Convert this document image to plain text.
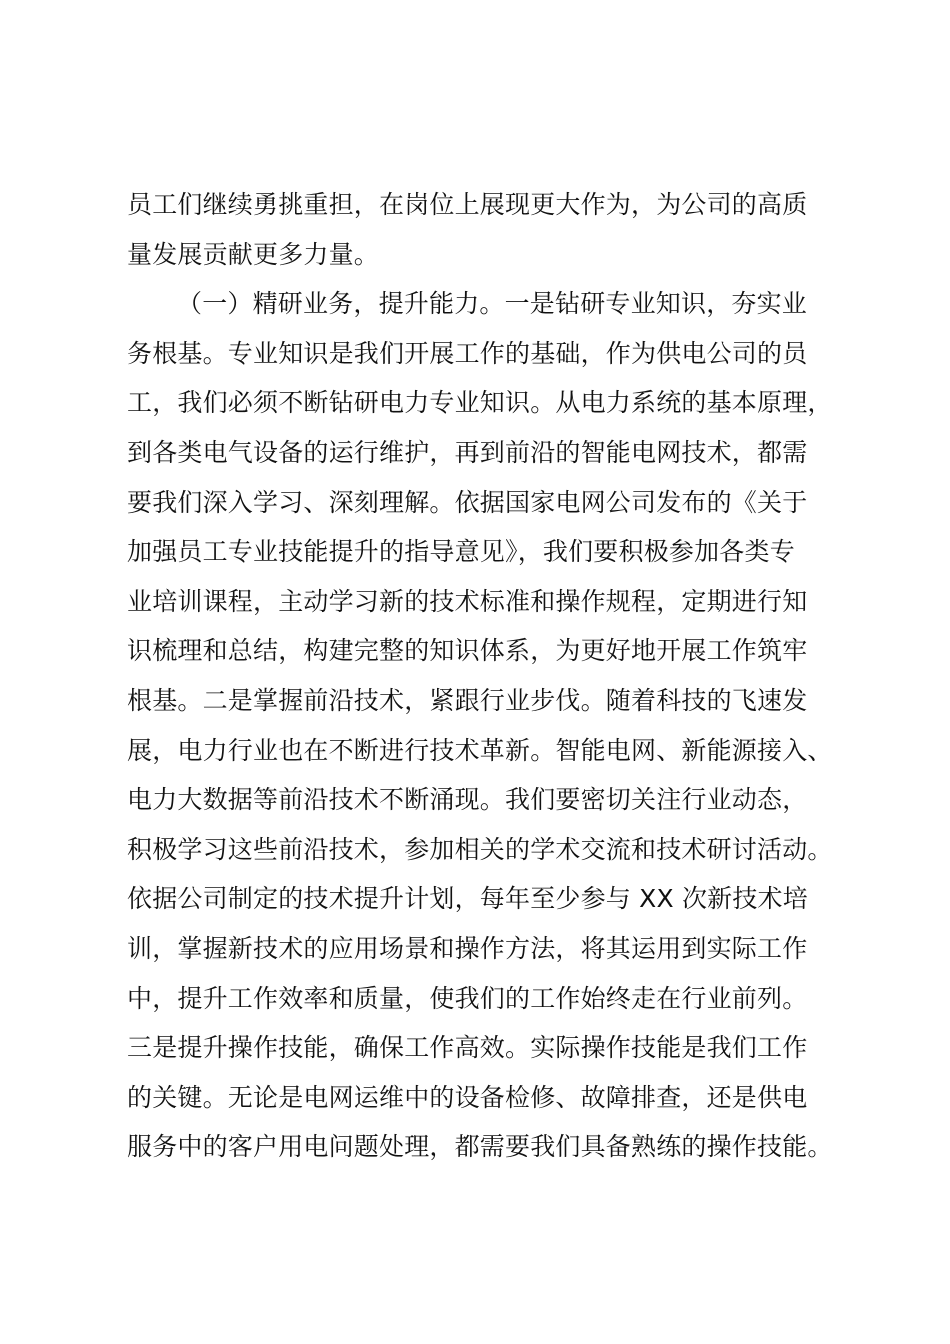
员工们继续勇挑重担，在岗位上展现更大作为，为公司的高质
量发展贡献更多力量。
（一）精研业务，提升能力。一是钻研专业知识，夯实业
务根基。专业知识是我们开展工作的基础，作为供电公司的员
工，我们必须不断钻研电力专业知识。从电力系统的基本原理，
到各类电气设备的运行维护，再到前沿的智能电网技术，都需
要我们深入学习、深刻理解。依据国家电网公司发布的《关于
加强员工专业技能提升的指导意见》，我们要积极参加各类专
业培训课程，主动学习新的技术标准和操作规程，定期进行知
识梳理和总结，构建完整的知识体系，为更好地开展工作筑牢
根基。二是掌握前沿技术，紧跟行业步伐。随着科技的飞速发
展，电力行业也在不断进行技术革新。智能电网、新能源接入、
电力大数据等前沿技术不断涌现。我们要密切关注行业动态，
积极学习这些前沿技术，参加相关的学术交流和技术研讨活动。
依据公司制定的技术提升计划，每年至少参与 XX 次新技术培
训，掌握新技术的应用场景和操作方法，将其运用到实际工作
中，提升工作效率和质量，使我们的工作始终走在行业前列。
三是提升操作技能，确保工作高效。实际操作技能是我们工作
的关键。无论是电网运维中的设备检修、故障排查，还是供电
服务中的客户用电问题处理，都需要我们具备熟练的操作技能。
